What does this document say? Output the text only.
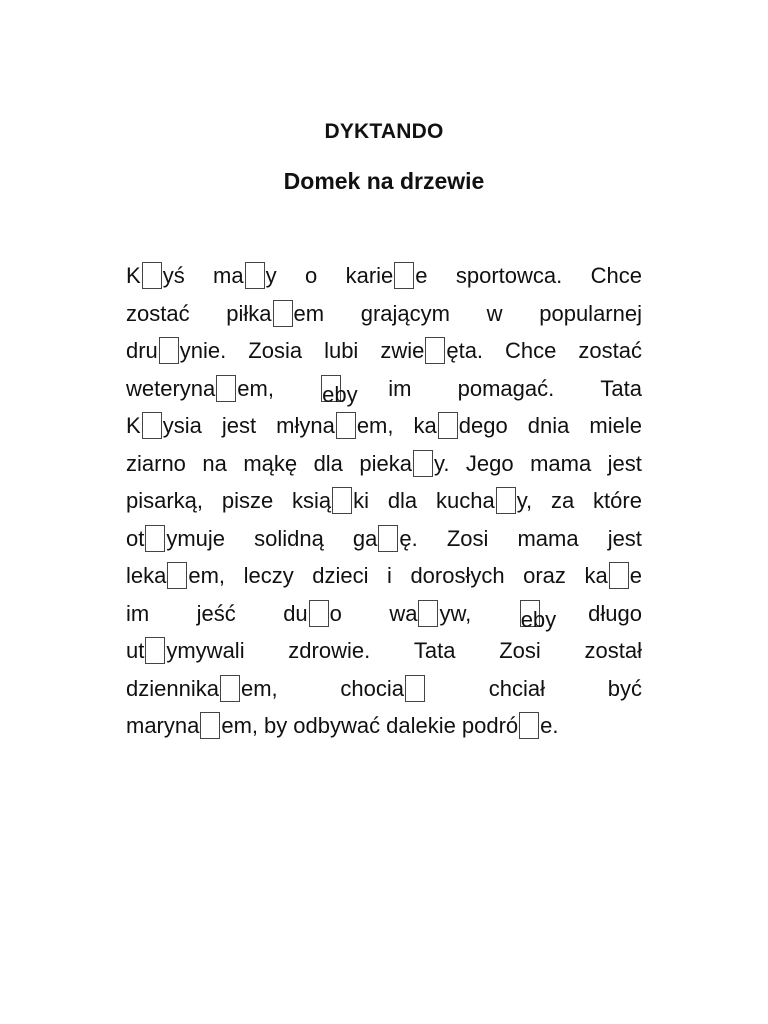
DYKTANDO
Domek na drzewie
K yś ma y o karie e sportowca. Chce
zostać piłka em grającym w popularnej
dru ynie. Zosia lubi zwie ęta. Chce zostać
weteryna em, eby im pomagać. Tata
K ysia jest młyna em, ka dego dnia miele
ziarno na mąkę dla pieka y. Jego mama jest
pisarką, pisze ksią ki dla kucha y, za które
ot ymuje solidną ga ę. Zosi mama jest
leka em, leczy dzieci i dorosłych oraz ka e
im jeść du o wa yw, eby długo
ut ymywali zdrowie. Tata Zosi został
dziennika em,	chocia	chciał	być
maryna em, by odbywać dalekie podró e.
